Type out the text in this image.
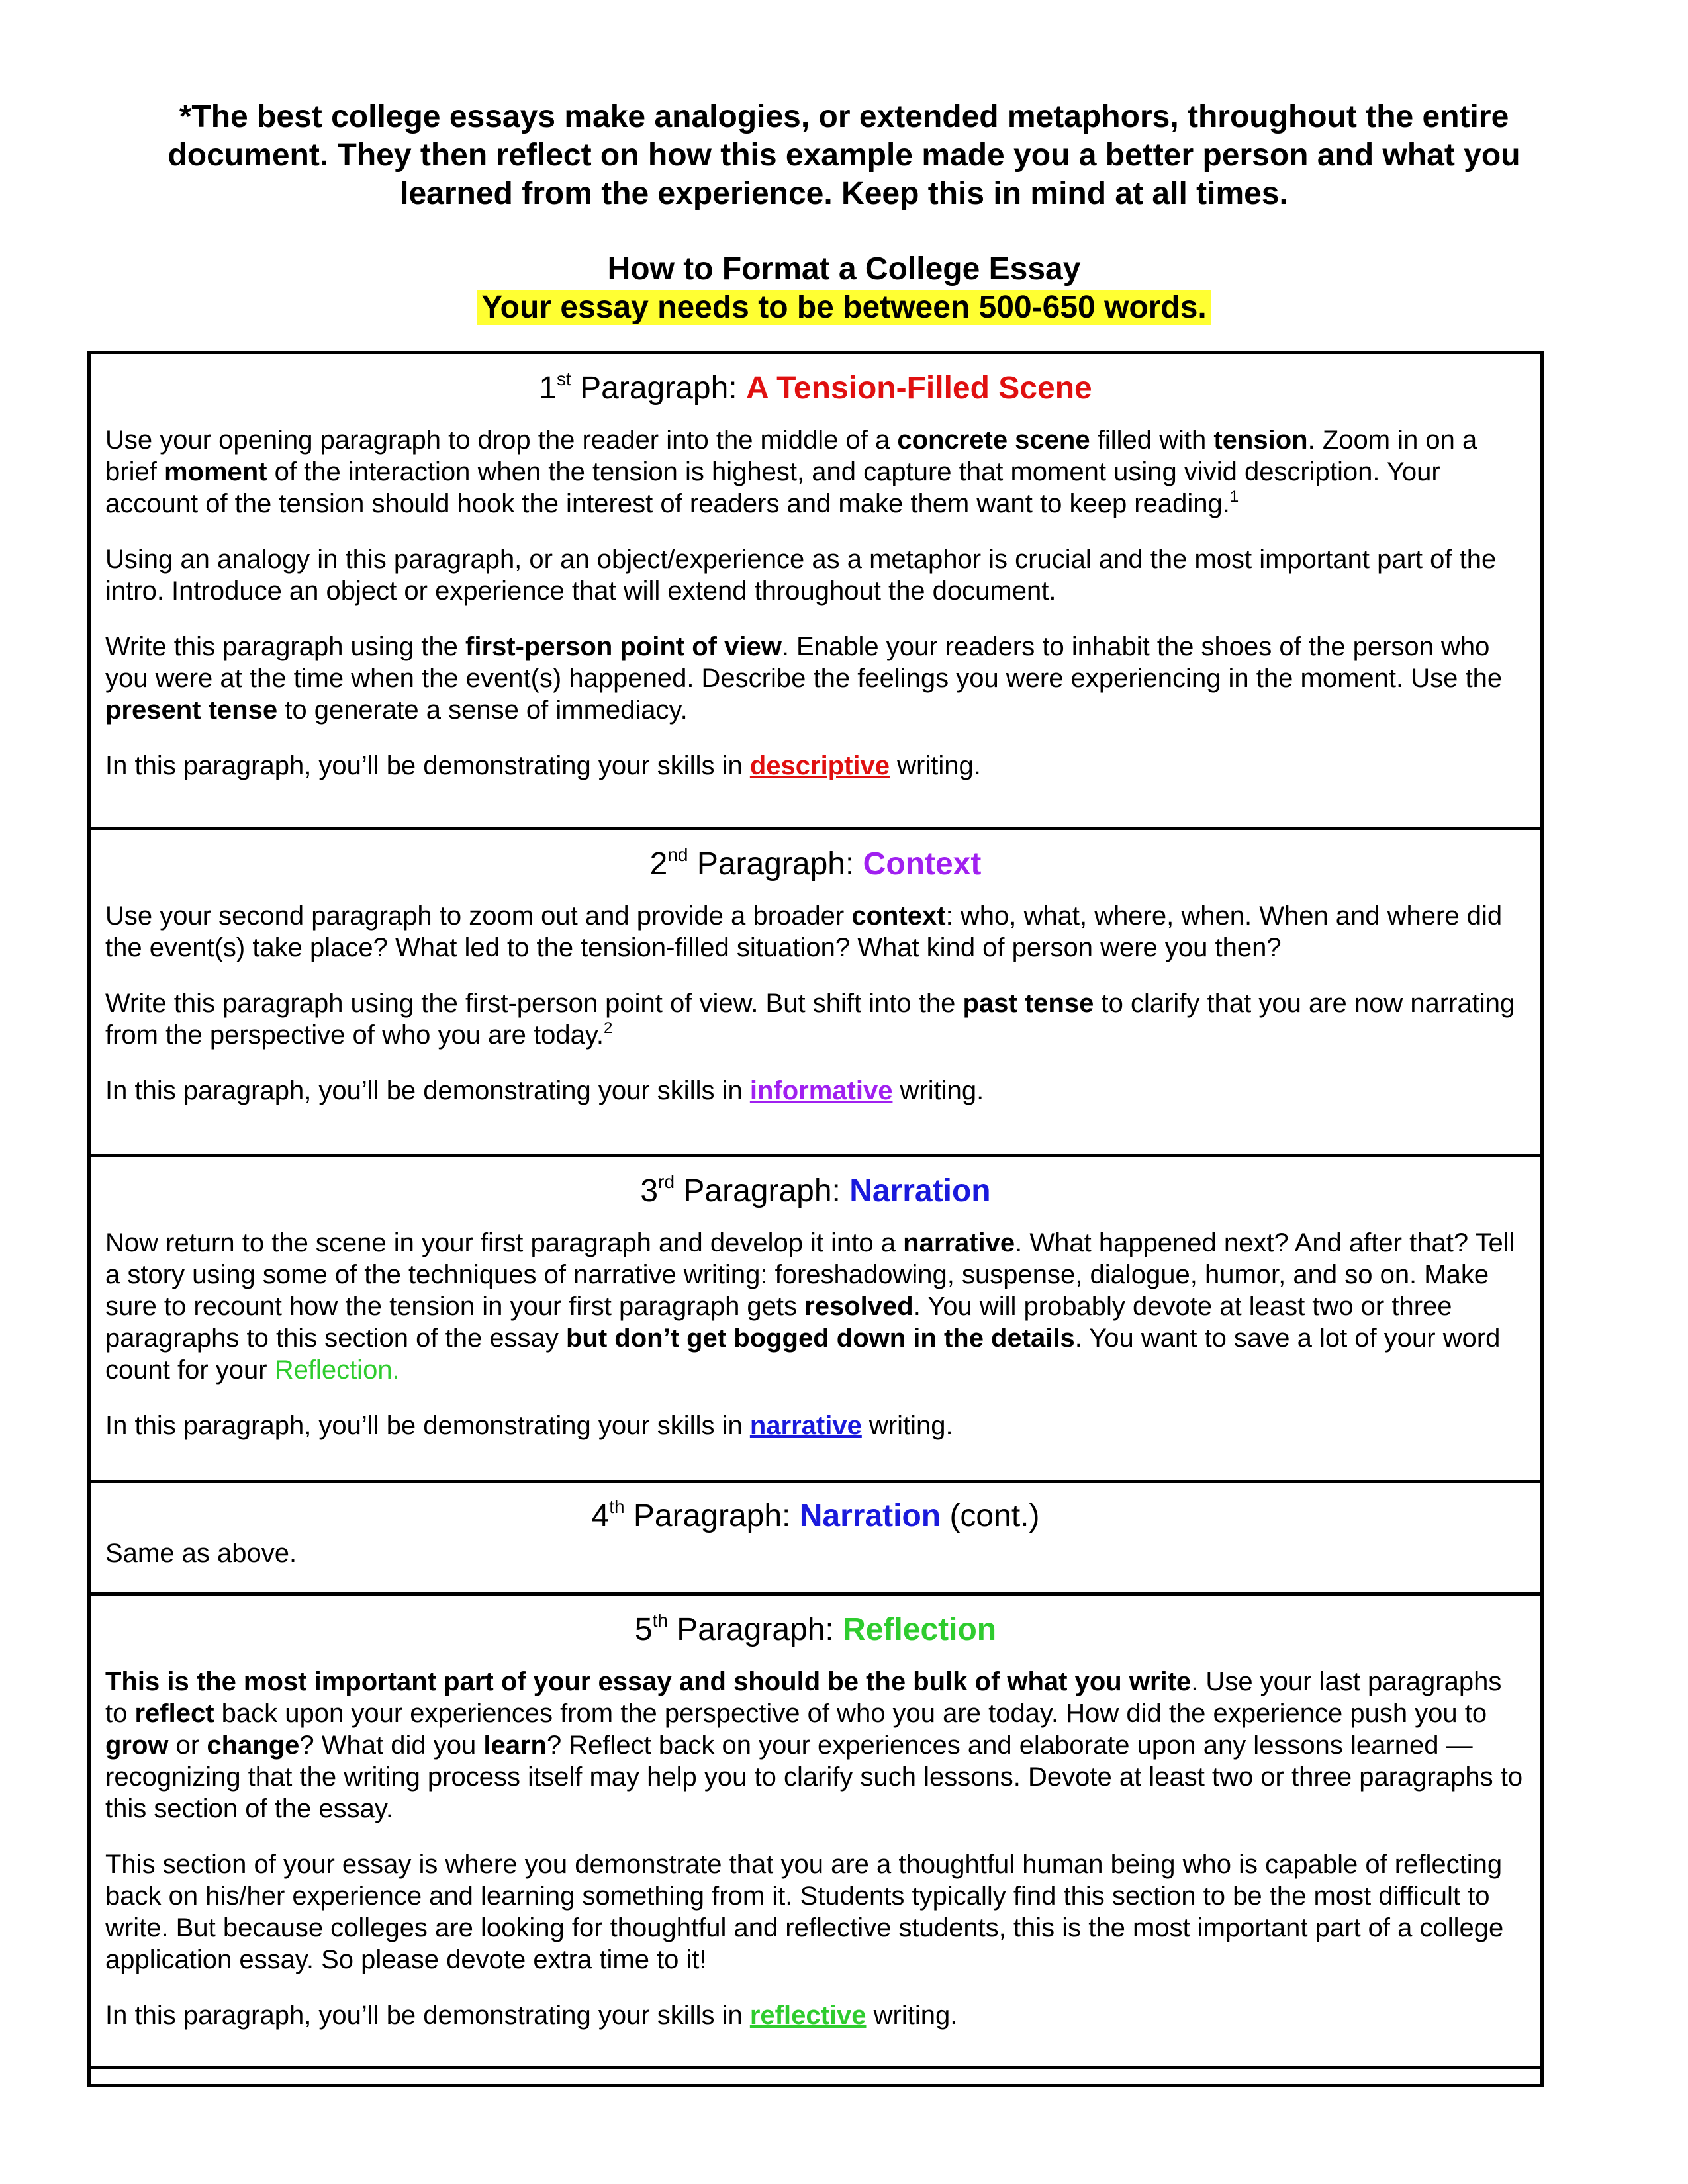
*The best college essays make analogies, or extended metaphors, throughout the entire document. They then reflect on how this example made you a better person and what you learned from the experience. Keep this in mind at all times.
How to Format a College Essay
Your essay needs to be between 500-650 words.
1st Paragraph: A Tension-Filled Scene
Use your opening paragraph to drop the reader into the middle of a concrete scene filled with tension. Zoom in on a brief moment of the interaction when the tension is highest, and capture that moment using vivid description. Your account of the tension should hook the interest of readers and make them want to keep reading.$^1$
Using an analogy in this paragraph, or an object/experience as a metaphor is crucial and the most important part of the intro. Introduce an object or experience that will extend throughout the document.
Write this paragraph using the first-person point of view. Enable your readers to inhabit the shoes of the person who you were at the time when the event(s) happened. Describe the feelings you were experiencing in the moment. Use the present tense to generate a sense of immediacy.
In this paragraph, you’ll be demonstrating your skills in descriptive writing.
2nd Paragraph: Context
Use your second paragraph to zoom out and provide a broader context: who, what, where, when. When and where did the event(s) take place? What led to the tension-filled situation? What kind of person were you then?
Write this paragraph using the first-person point of view. But shift into the past tense to clarify that you are now narrating from the perspective of who you are today.$^2$
In this paragraph, you’ll be demonstrating your skills in informative writing.
3rd Paragraph: Narration
Now return to the scene in your first paragraph and develop it into a narrative. What happened next? And after that? Tell a story using some of the techniques of narrative writing: foreshadowing, suspense, dialogue, humor, and so on. Make sure to recount how the tension in your first paragraph gets resolved. You will probably devote at least two or three paragraphs to this section of the essay but don’t get bogged down in the details. You want to save a lot of your word count for your Reflection.
In this paragraph, you’ll be demonstrating your skills in narrative writing.
4th Paragraph: Narration (cont.)
Same as above.
5th Paragraph: Reflection
This is the most important part of your essay and should be the bulk of what you write. Use your last paragraphs to reflect back upon your experiences from the perspective of who you are today. How did the experience push you to grow or change? What did you learn? Reflect back on your experiences and elaborate upon any lessons learned — recognizing that the writing process itself may help you to clarify such lessons. Devote at least two or three paragraphs to this section of the essay.
This section of your essay is where you demonstrate that you are a thoughtful human being who is capable of reflecting back on his/her experience and learning something from it. Students typically find this section to be the most difficult to write. But because colleges are looking for thoughtful and reflective students, this is the most important part of a college application essay. So please devote extra time to it!
In this paragraph, you’ll be demonstrating your skills in reflective writing.
